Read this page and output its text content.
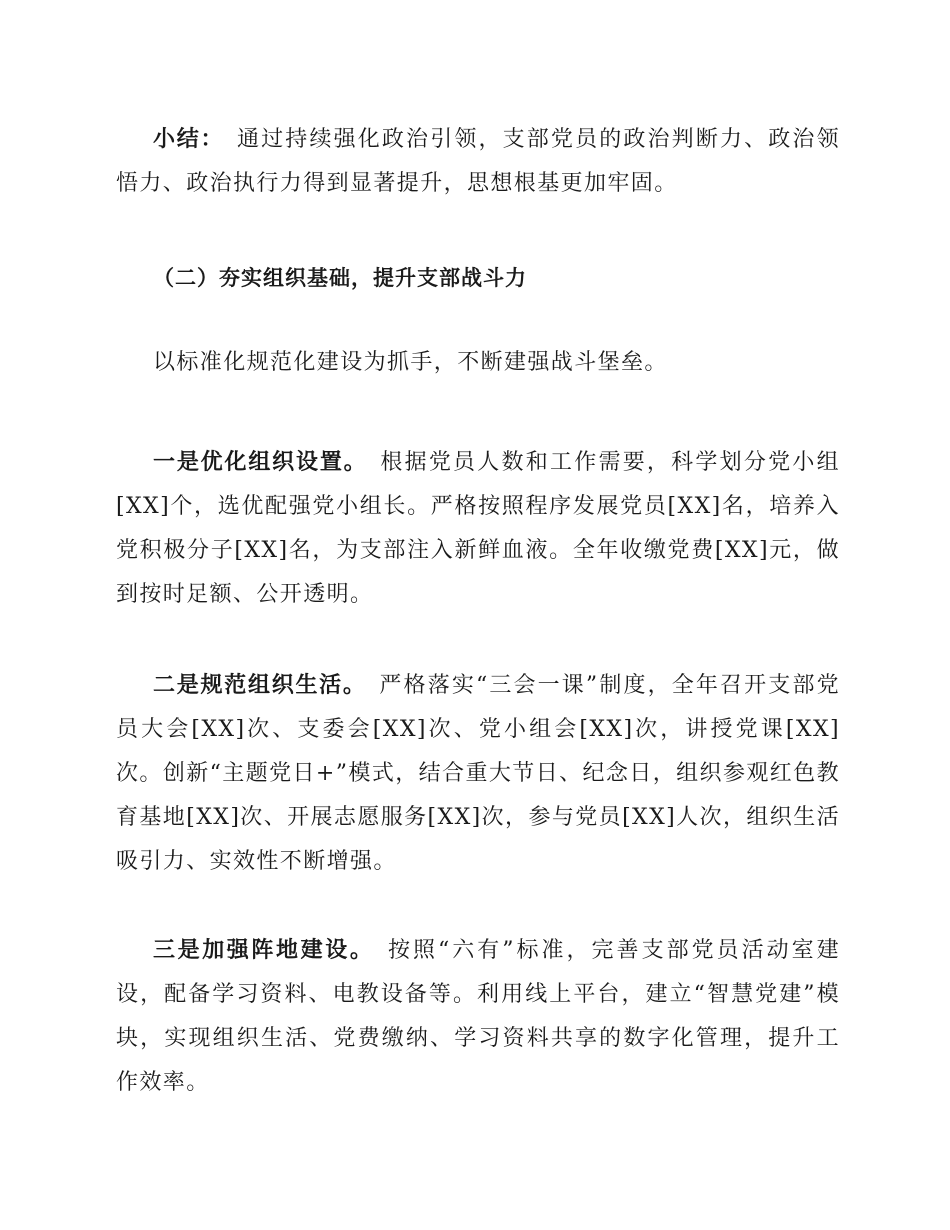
小结： 通过持续强化政治引领，支部党员的政治判断力、政治领悟力、政治执行力得到显著提升，思想根基更加牢固。

（二）夯实组织基础，提升支部战斗力

以标准化规范化建设为抓手，不断建强战斗堡垒。

一是优化组织设置。 根据党员人数和工作需要，科学划分党小组[XX]个，选优配强党小组长。严格按照程序发展党员[XX]名，培养入党积极分子[XX]名，为支部注入新鲜血液。全年收缴党费[XX]元，做到按时足额、公开透明。

二是规范组织生活。 严格落实“三会一课”制度，全年召开支部党员大会[XX]次、支委会[XX]次、党小组会[XX]次，讲授党课[XX]次。创新“主题党日+”模式，结合重大节日、纪念日，组织参观红色教育基地[XX]次、开展志愿服务[XX]次，参与党员[XX]人次，组织生活吸引力、实效性不断增强。

三是加强阵地建设。 按照“六有”标准，完善支部党员活动室建设，配备学习资料、电教设备等。利用线上平台，建立“智慧党建”模块，实现组织生活、党费缴纳、学习资料共享的数字化管理，提升工作效率。
